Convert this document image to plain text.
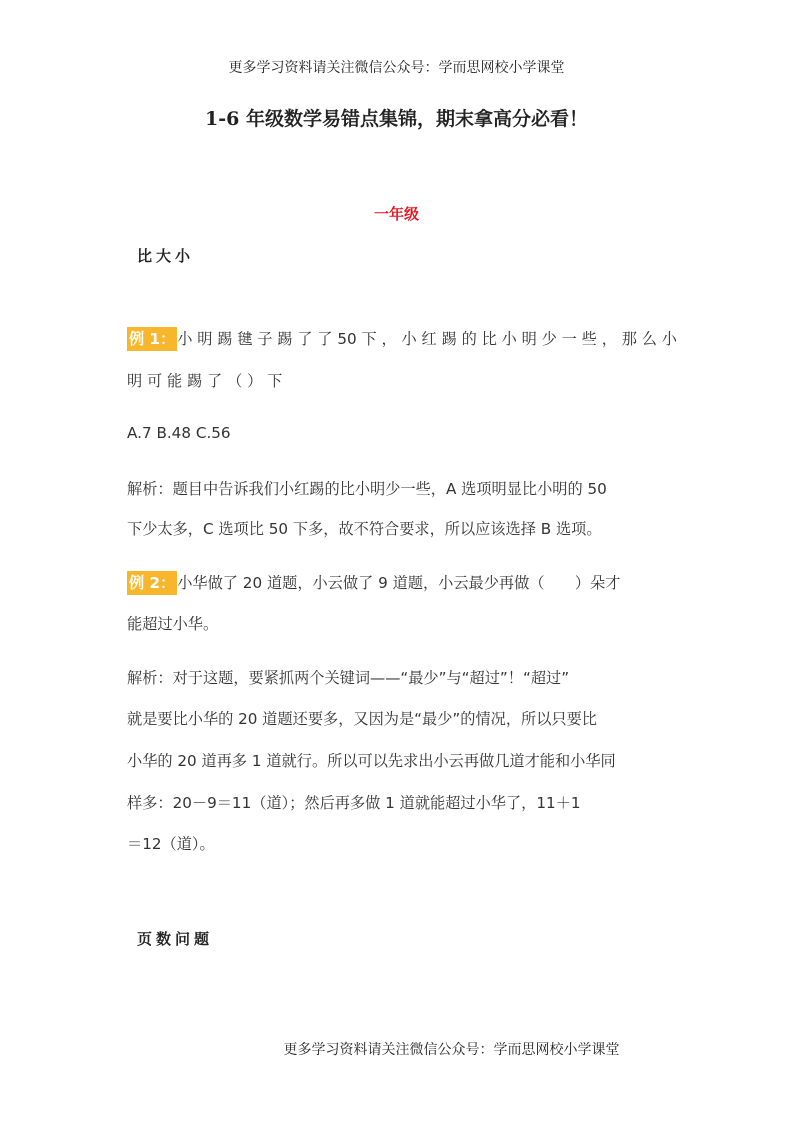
更多学习资料请关注微信公众号：学而思网校小学课堂
1-6 年级数学易错点集锦，期末拿高分必看！
一年级
比大小
例 1： 小 明 踢 毽 子 踢 了 了 50 下 ， 小 红 踢 的 比 小 明 少 一 些 ， 那 么 小
明 可 能 踢 了 （ ） 下
A.7 B.48 C.56
解析：题目中告诉我们小红踢的比小明少一些，A 选项明显比小明的 50
下少太多，C 选项比 50 下多，故不符合要求，所以应该选择 B 选项。
例 2： 小华做了 20 道题，小云做了 9 道题，小云最少再做（　　）朵才
能超过小华。
解析：对于这题，要紧抓两个关键词——“最少”与“超过”！“超过”
就是要比小华的 20 道题还要多，又因为是“最少”的情况，所以只要比
小华的 20 道再多 1 道就行。所以可以先求出小云再做几道才能和小华同
样多：20－9＝11（道）；然后再多做 1 道就能超过小华了，11＋1
＝12（道）。
页数问题
更多学习资料请关注微信公众号：学而思网校小学课堂
